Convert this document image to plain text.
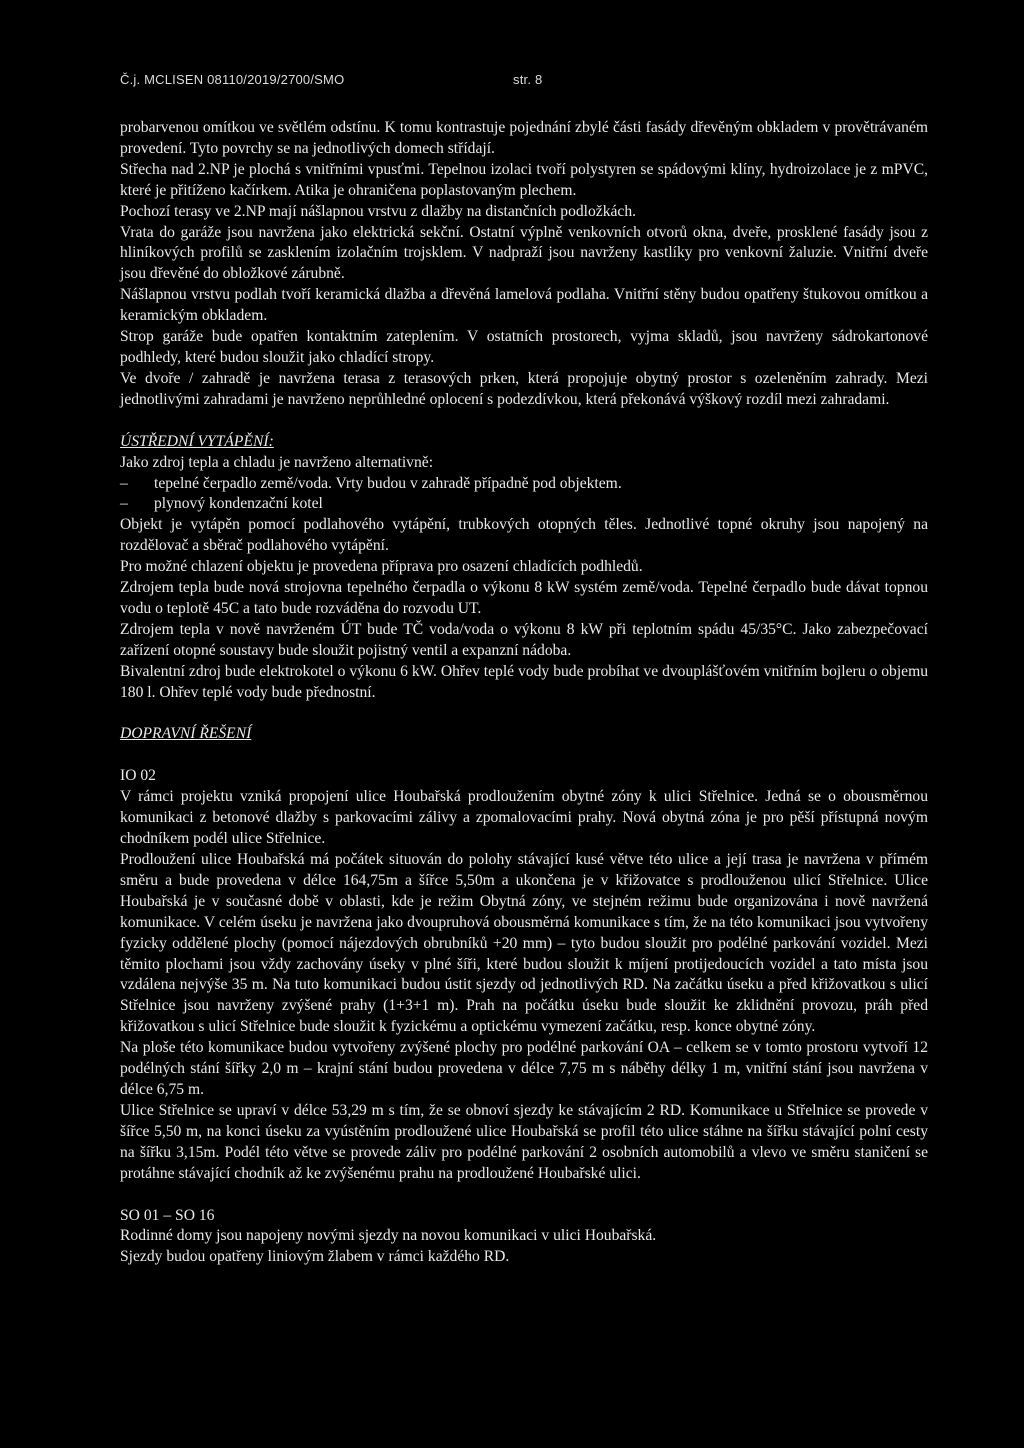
Č.j. MCLISEN 08110/2019/2700/SMO	str. 8

probarvenou omítkou ve světlém odstínu. K tomu kontrastuje pojednání zbylé části fasády dřevěným obkladem v provětrávaném provedení. Tyto povrchy se na jednotlivých domech střídají.

Střecha nad 2.NP je plochá s vnitřními vpusťmi. Tepelnou izolaci tvoří polystyren se spádovými klíny, hydroizolace je z mPVC, které je přitíženo kačírkem. Atika je ohraničena poplastovaným plechem.

Pochozí terasy ve 2.NP mají nášlapnou vrstvu z dlažby na distančních podložkách.

Vrata do garáže jsou navržena jako elektrická sekční. Ostatní výplně venkovních otvorů okna, dveře, prosklené fasády jsou z hliníkových profilů se zasklením izolačním trojsklem. V nadpraží jsou navrženy kastlíky pro venkovní žaluzie. Vnitřní dveře jsou dřevěné do obložkové zárubně.

Nášlapnou vrstvu podlah tvoří keramická dlažba a dřevěná lamelová podlaha. Vnitřní stěny budou opatřeny štukovou omítkou a keramickým obkladem.

Strop garáže bude opatřen kontaktním zateplením. V ostatních prostorech, vyjma skladů, jsou navrženy sádrokartonové podhledy, které budou sloužit jako chladící stropy.

Ve dvoře / zahradě je navržena terasa z terasových prken, která propojuje obytný prostor s ozeleněním zahrady. Mezi jednotlivými zahradami je navrženo neprůhledné oplocení s podezdívkou, která překonává výškový rozdíl mezi zahradami.

ÚSTŘEDNÍ VYTÁPĚNÍ:

Jako zdroj tepla a chladu je navrženo alternativně:

– tepelné čerpadlo země/voda. Vrty budou v zahradě případně pod objektem.
– plynový kondenzační kotel

Objekt je vytápěn pomocí podlahového vytápění, trubkových otopných těles. Jednotlivé topné okruhy jsou napojený na rozdělovač a sběrač podlahového vytápění.

Pro možné chlazení objektu je provedena příprava pro osazení chladících podhledů.

Zdrojem tepla bude nová strojovna tepelného čerpadla o výkonu 8 kW systém země/voda. Tepelné čerpadlo bude dávat topnou vodu o teplotě 45C a tato bude rozváděna do rozvodu UT.

Zdrojem tepla v nově navrženém ÚT bude TČ voda/voda o výkonu 8 kW při teplotním spádu 45/35°C. Jako zabezpečovací zařízení otopné soustavy bude sloužit pojistný ventil a expanzní nádoba.

Bivalentní zdroj bude elektrokotel o výkonu 6 kW. Ohřev teplé vody bude probíhat ve dvouplášťovém vnitřním bojleru o objemu 180 l. Ohřev teplé vody bude přednostní.

DOPRAVNÍ ŘEŠENÍ

IO 02

V rámci projektu vzniká propojení ulice Houbařská prodloužením obytné zóny k ulici Střelnice. Jedná se o obousměrnou komunikaci z betonové dlažby s parkovacími zálivy a zpomalovacími prahy. Nová obytná zóna je pro pěší přístupná novým chodníkem podél ulice Střelnice.

Prodloužení ulice Houbařská má počátek situován do polohy stávající kusé větve této ulice a její trasa je navržena v přímém směru a bude provedena v délce 164,75m a šířce 5,50m a ukončena je v křižovatce s prodlouženou ulicí Střelnice. Ulice Houbařská je v současné době v oblasti, kde je režim Obytná zóny, ve stejném režimu bude organizována i nově navržená komunikace. V celém úseku je navržena jako dvoupruhová obousměrná komunikace s tím, že na této komunikaci jsou vytvořeny fyzicky oddělené plochy (pomocí nájezdových obrubníků +20 mm) – tyto budou sloužit pro podélné parkování vozidel. Mezi těmito plochami jsou vždy zachovány úseky v plné šíři, které budou sloužit k míjení protijedoucích vozidel a tato místa jsou vzdálena nejvýše 35 m. Na tuto komunikaci budou ústit sjezdy od jednotlivých RD. Na začátku úseku a před křižovatkou s ulicí Střelnice jsou navrženy zvýšené prahy (1+3+1 m). Prah na počátku úseku bude sloužit ke zklidnění provozu, práh před křižovatkou s ulicí Střelnice bude sloužit k fyzickému a optickému vymezení začátku, resp. konce obytné zóny.

Na ploše této komunikace budou vytvořeny zvýšené plochy pro podélné parkování OA – celkem se v tomto prostoru vytvoří 12 podélných stání šířky 2,0 m – krajní stání budou provedena v délce 7,75 m s náběhy délky 1 m, vnitřní stání jsou navržena v délce 6,75 m.

Ulice Střelnice se upraví v délce 53,29 m s tím, že se obnoví sjezdy ke stávajícím 2 RD. Komunikace u Střelnice se provede v šířce 5,50 m, na konci úseku za vyústěním prodloužené ulice Houbařská se profil této ulice stáhne na šířku stávající polní cesty na šířku 3,15m. Podél této větve se provede záliv pro podélné parkování 2 osobních automobilů a vlevo ve směru staničení se protáhne stávající chodník až ke zvýšenému prahu na prodloužené Houbařské ulici.

SO 01 – SO 16

Rodinné domy jsou napojeny novými sjezdy na novou komunikaci v ulici Houbařská.

Sjezdy budou opatřeny liniovým žlabem v rámci každého RD.
